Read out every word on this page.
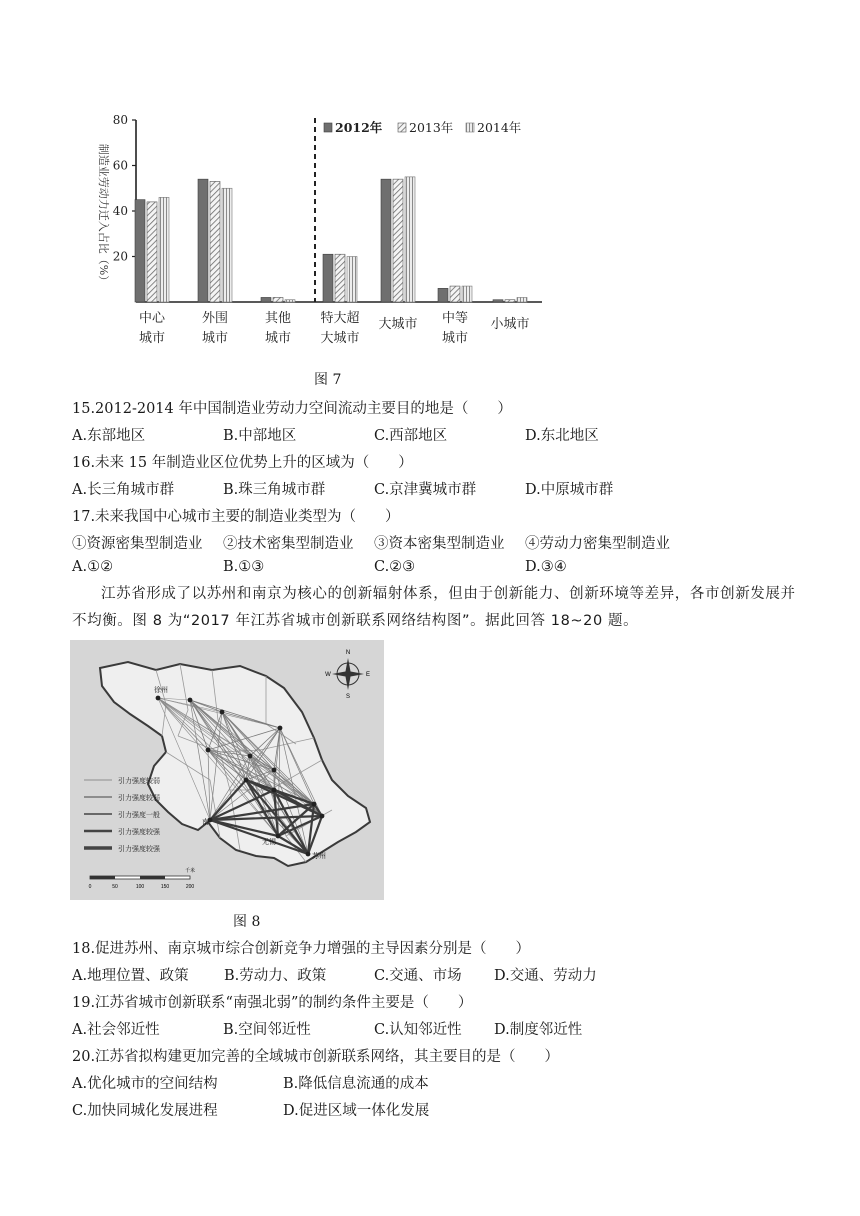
20
40
60
80
制造业劳动力迁入占比（%）
中心
城市
外围
城市
其他
城市
特大超
大城市
大城市 中等
城市
小城市
2012年 2013年 2014年
图 7
15.2012-2014 年中国制造业劳动力空间流动主要目的地是（　　）
A.东部地区	B.中部地区	C.西部地区	D.东北地区
16.未来 15 年制造业区位优势上升的区域为（　　）
A.长三角城市群	B.珠三角城市群	C.京津冀城市群	D.中原城市群
17.未来我国中心城市主要的制造业类型为（　　）
①资源密集型制造业 ②技术密集型制造业 ③资本密集型制造业 ④劳动力密集型制造业
A.①②	B.①③	C.②③	D.③④
江苏省形成了以苏州和南京为核心的创新辐射体系，但由于创新能力、创新环境等差异，各市创新发展并不均衡。图 8 为“2017 年江苏省城市创新联系网络结构图”。据此回答 18~20 题。
南
苏州
无锡
徐州
N
S
W	E
引力强度较弱
引力强度较弱
引力强度一般
引力强度较强
引力强度较强
0	50	100	150	200
千米
图 8
18.促进苏州、南京城市综合创新竞争力增强的主导因素分别是（　　）
A.地理位置、政策 B.劳动力、政策	C.交通、市场 D.交通、劳动力
19.江苏省城市创新联系“南强北弱”的制约条件主要是（　　）
A.社会邻近性	B.空间邻近性	C.认知邻近性 D.制度邻近性
20.江苏省拟构建更加完善的全域城市创新联系网络，其主要目的是（　　）
A.优化城市的空间结构	B.降低信息流通的成本
C.加快同城化发展进程	D.促进区域一体化发展
